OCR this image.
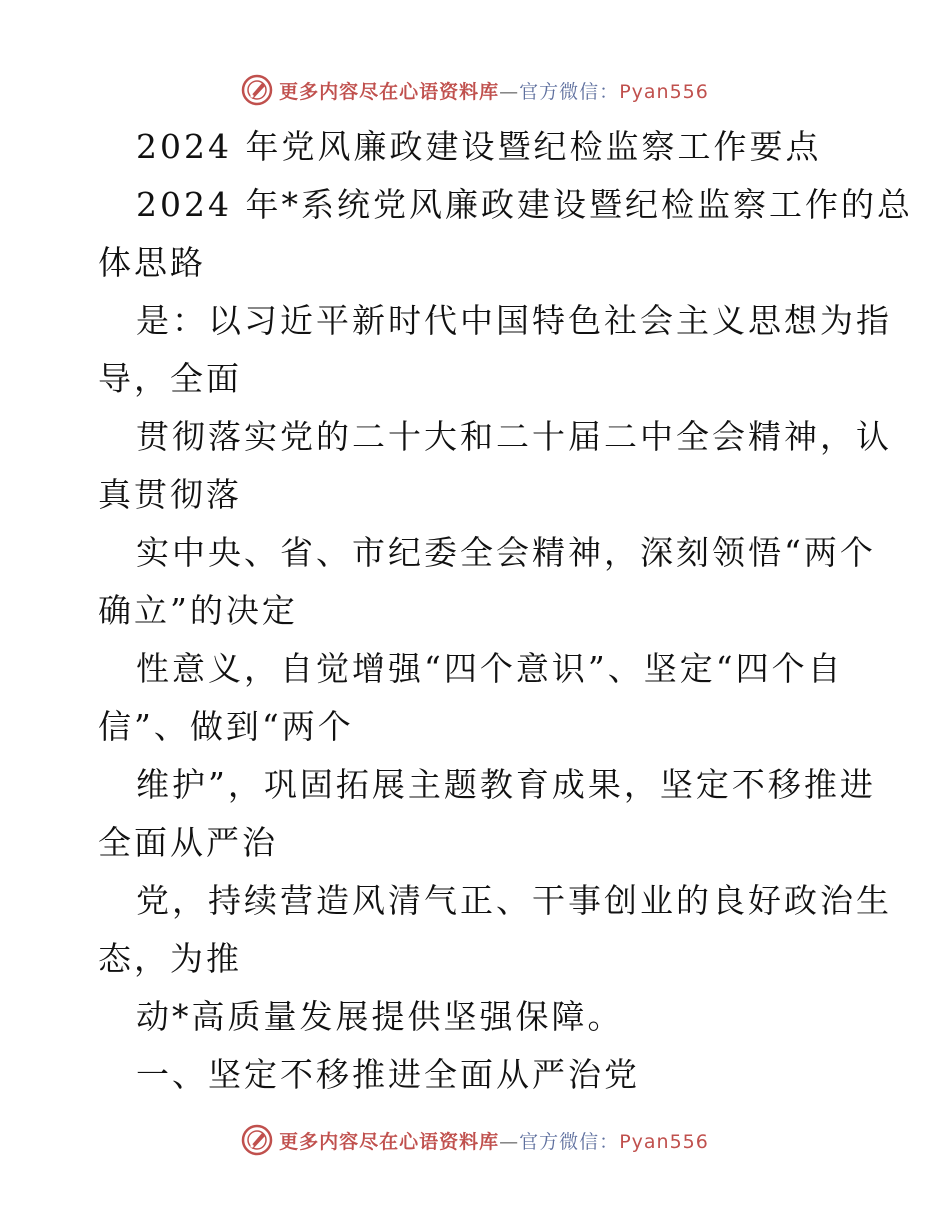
更多内容尽在心语资料库—官方微信：Pyan556
2024 年党风廉政建设暨纪检监察工作要点
2024 年*系统党风廉政建设暨纪检监察工作的总
体思路
是：以习近平新时代中国特色社会主义思想为指
导，全面
贯彻落实党的二十大和二十届二中全会精神，认
真贯彻落
实中央、省、市纪委全会精神，深刻领悟“两个
确立”的决定
性意义，自觉增强“四个意识”、坚定“四个自
信”、做到“两个
维护”，巩固拓展主题教育成果，坚定不移推进
全面从严治
党，持续营造风清气正、干事创业的良好政治生
态，为推
动*高质量发展提供坚强保障。
一、坚定不移推进全面从严治党
更多内容尽在心语资料库—官方微信：Pyan556
